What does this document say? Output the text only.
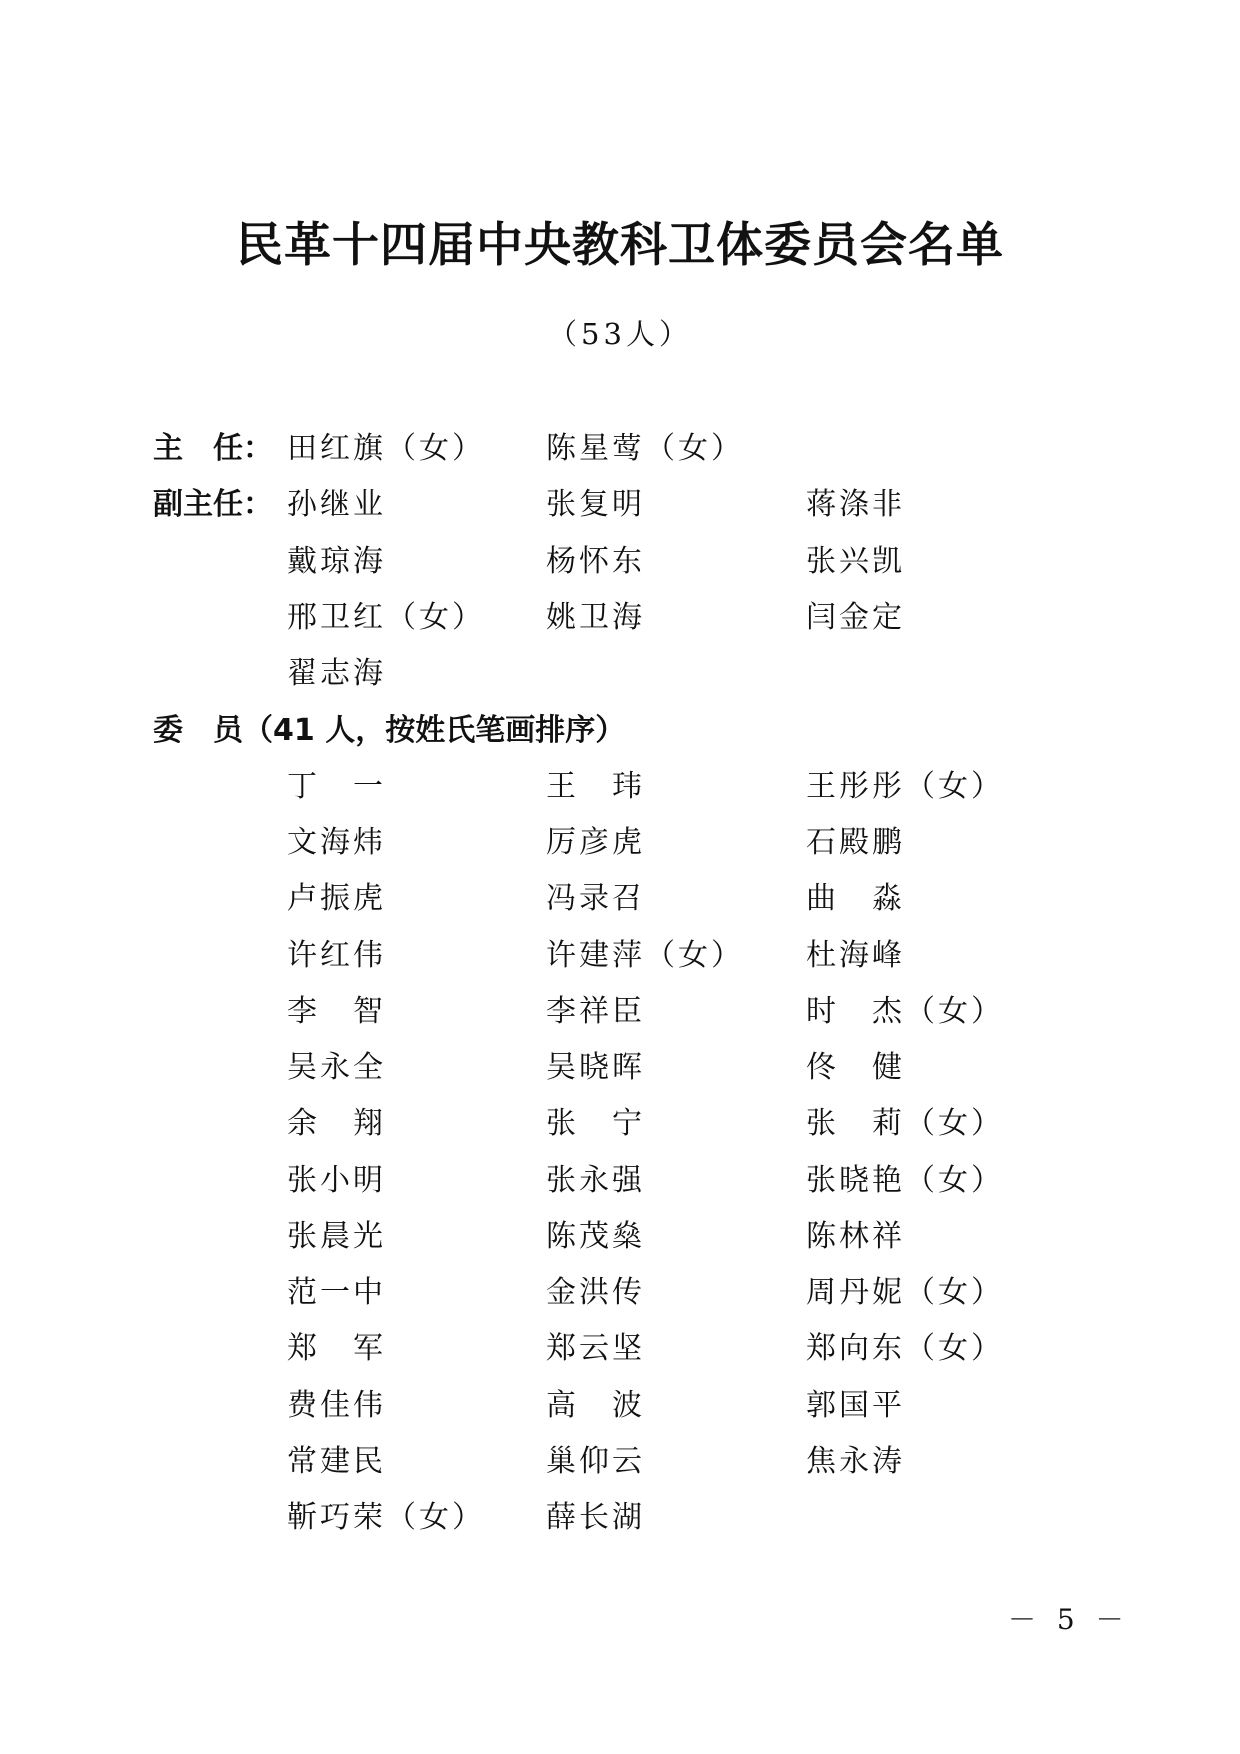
民革十四届中央教科卫体委员会名单
（53人）
主　任： 田红旗（女） 陈星莺（女）
副主任： 孙继业	张复明	蒋涤非
戴琼海	杨怀东	张兴凯
邢卫红（女） 姚卫海	闫金定
翟志海
委　员（41 人，按姓氏笔画排序）
丁　一	王　玮	王彤彤（女）
文海炜	厉彦虎	石殿鹏
卢振虎	冯录召	曲　淼
许红伟	许建萍（女） 杜海峰
李　智	李祥臣	时　杰（女）
吴永全	吴晓晖	佟　健
余　翔	张　宁	张　莉（女）
张小明	张永强	张晓艳（女）
张晨光	陈茂燊	陈林祥
范一中	金洪传	周丹妮（女）
郑　军	郑云坚	郑向东（女）
费佳伟	高　波	郭国平
常建民	巢仰云	焦永涛
靳巧荣（女） 薛长湖
－ 5 －
